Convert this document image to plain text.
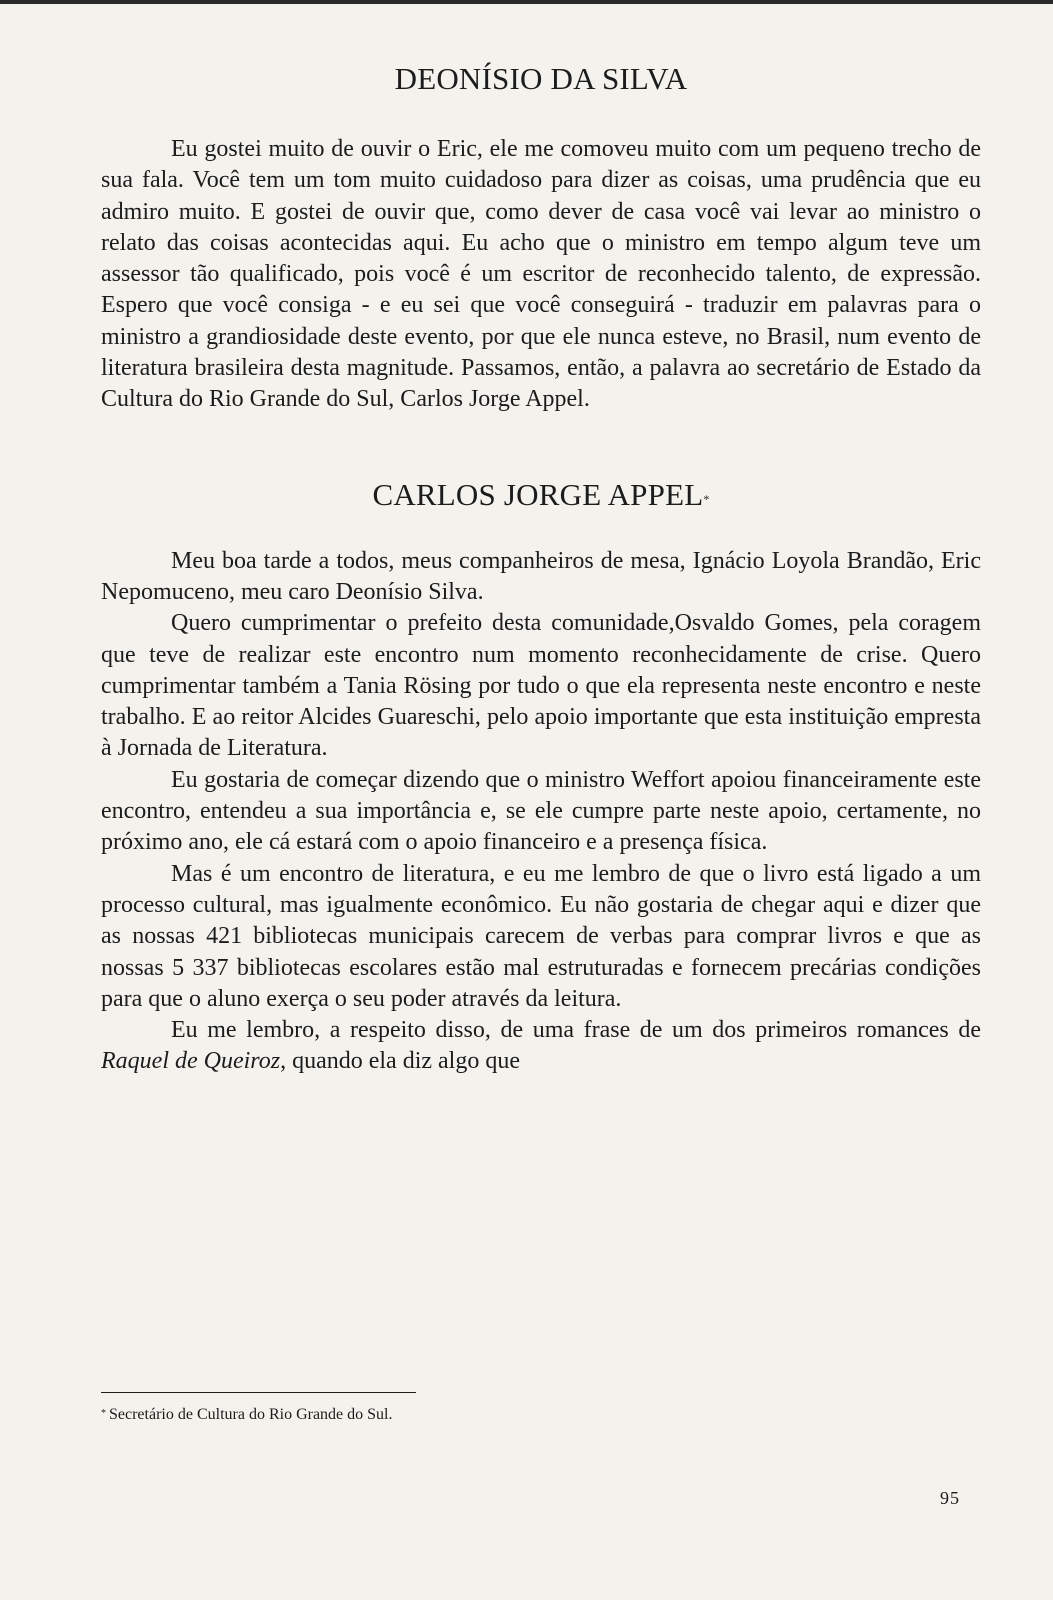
DEONÍSIO DA SILVA

Eu gostei muito de ouvir o Eric, ele me comoveu muito com um pequeno trecho de sua fala. Você tem um tom muito cuidadoso para dizer as coisas, uma prudência que eu admiro muito. E gostei de ouvir que, como dever de casa você vai levar ao ministro o relato das coisas acontecidas aqui. Eu acho que o ministro em tempo algum teve um assessor tão qualificado, pois você é um escritor de reconhecido talento, de expressão. Espero que você consiga - e eu sei que você conseguirá - traduzir em palavras para o ministro a grandiosidade deste evento, por que ele nunca esteve, no Brasil, num evento de literatura brasileira desta magnitude. Passamos, então, a palavra ao secretário de Estado da Cultura do Rio Grande do Sul, Carlos Jorge Appel.

CARLOS JORGE APPEL*

Meu boa tarde a todos, meus companheiros de mesa, Ignácio Loyola Brandão, Eric Nepomuceno, meu caro Deonísio Silva.

Quero cumprimentar o prefeito desta comunidade,Osvaldo Gomes, pela coragem que teve de realizar este encontro num momento reconhecidamente de crise. Quero cumprimentar também a Tania Rösing por tudo o que ela representa neste encontro e neste trabalho. E ao reitor Alcides Guareschi, pelo apoio importante que esta instituição empresta à Jornada de Literatura.

Eu gostaria de começar dizendo que o ministro Weffort apoiou financeiramente este encontro, entendeu a sua importância e, se ele cumpre parte neste apoio, certamente, no próximo ano, ele cá estará com o apoio financeiro e a presença física.

Mas é um encontro de literatura, e eu me lembro de que o livro está ligado a um processo cultural, mas igualmente econômico. Eu não gostaria de chegar aqui e dizer que as nossas 421 bibliotecas municipais carecem de verbas para comprar livros e que as nossas 5 337 bibliotecas escolares estão mal estruturadas e fornecem precárias condições para que o aluno exerça o seu poder através da leitura.

Eu me lembro, a respeito disso, de uma frase de um dos primeiros romances de Raquel de Queiroz, quando ela diz algo que

* Secretário de Cultura do Rio Grande do Sul.

95
